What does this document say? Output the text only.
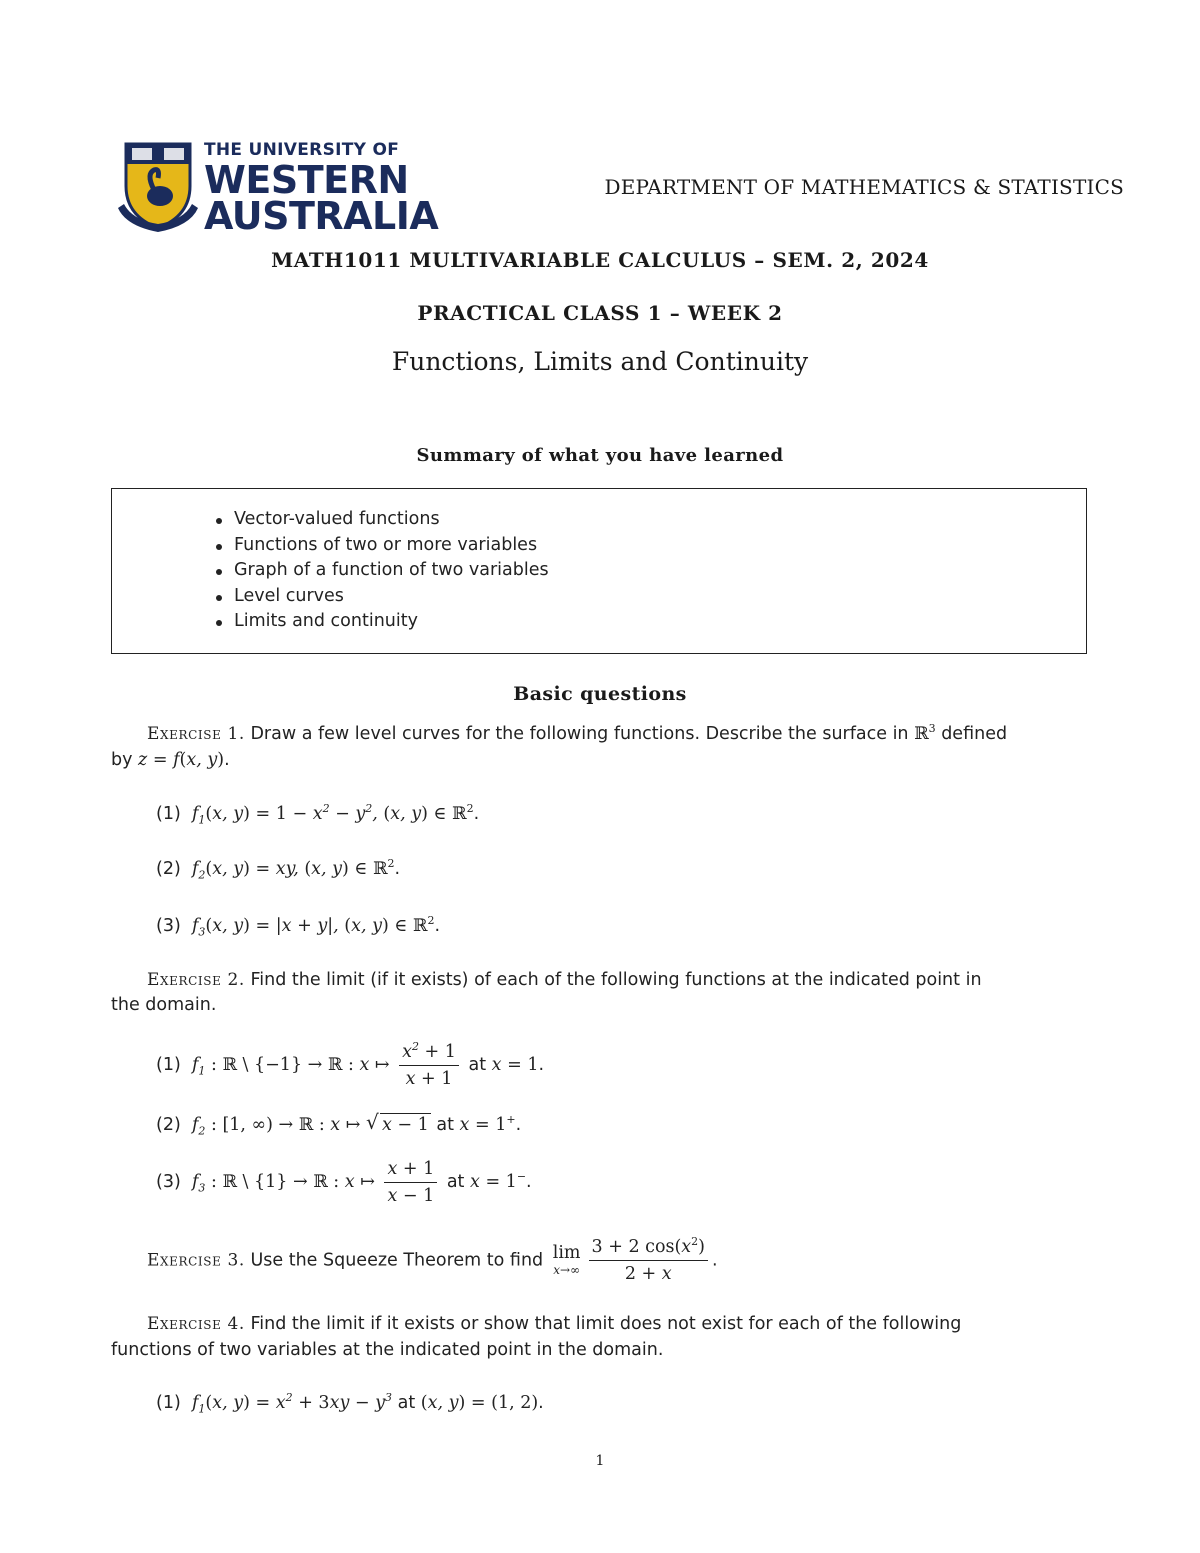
THE UNIVERSITY OF
WESTERN
AUSTRALIA
DEPARTMENT OF MATHEMATICS & STATISTICS
MATH1011 MULTIVARIABLE CALCULUS – SEM. 2, 2024
PRACTICAL CLASS 1 – WEEK 2
Functions, Limits and Continuity
Summary of what you have learned
Vector-valued functions
Functions of two or more variables
Graph of a function of two variables
Level curves
Limits and continuity
Basic questions
Exercise 1. Draw a few level curves for the following functions. Describe the surface in ℝ$^3$ defined
by z = f(x, y).
(1) $f_1(x$, $y) = 1 - x^2 - y^2$, (x, y) ∈ ℝ$^2$.
(2) $f_2(x$, y) = xy, (x, y) ∈ ℝ$^2$.
(3) $f_3(x$, y) = |x + y|, (x, y) ∈ ℝ$^2$.
Exercise 2. Find the limit (if it exists) of each of the following functions at the indicated point in
the domain.
(1) $f_1$ : ℝ \ {−1} → ℝ : x ↦ $\frac{x^2 + 1}{x + 1}$ at x = 1.
(2) $f_2$ : [1, ∞) → ℝ : x ↦ √ x − 1 at x = 1+.
(3) $f_3$ : ℝ \ {1} → ℝ : x ↦ $\frac{x + 1}{x - 1}$ at x = 1−.
Exercise 3. Use the Squeeze Theorem to find lim
$x\to\infty \frac{3 + 2 \cos(x^2)}{2 + x}$ .
Exercise 4. Find the limit if it exists or show that limit does not exist for each of the following
functions of two variables at the indicated point in the domain.
(1) $f_1(x$, $y) = x^2 + 3xy - y^3$ at (x, y) = (1, 2).
1
